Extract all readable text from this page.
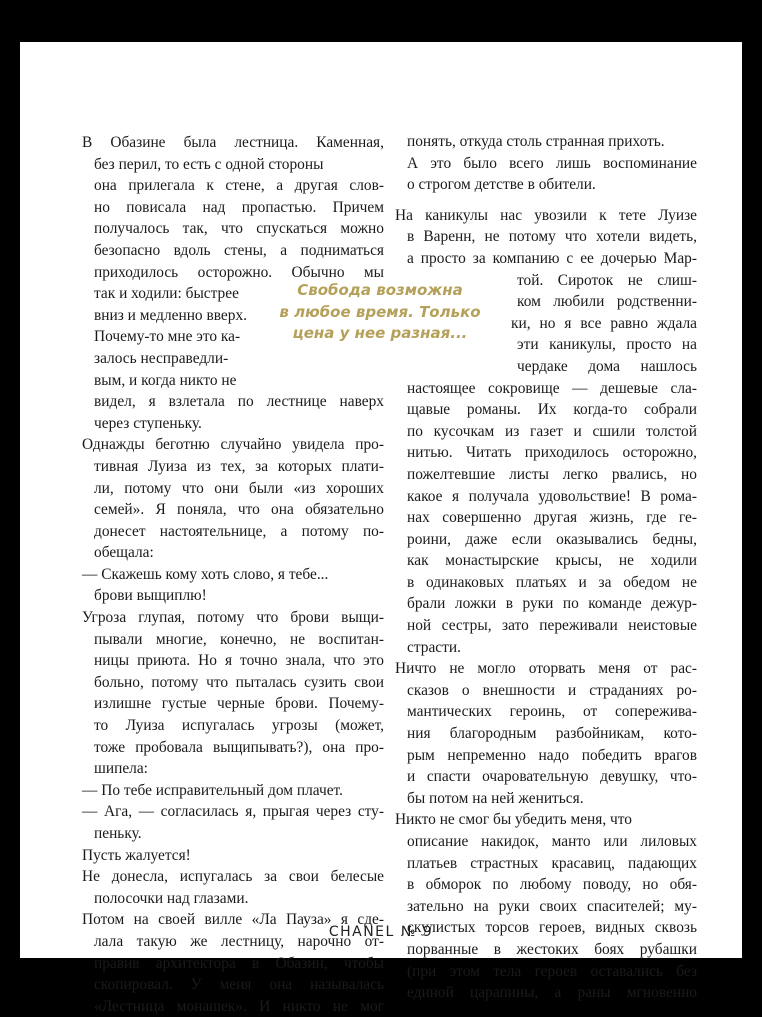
В Обазине была лестница. Каменная,

без перил, то есть с одной стороны

она прилегала к стене, а другая слов-

но повисала над пропастью. Причем

получалось так, что спускаться можно

безопасно вдоль стены, а подниматься

приходилось осторожно. Обычно мы

так и ходили: быстрее

вниз и медленно вверх.

Почему-то мне это ка-

залось несправедли-

вым, и когда никто не

видел, я взлетала по лестнице наверх

через ступеньку.

Однажды беготню случайно увидела про-

тивная Луиза из тех, за которых плати-

ли, потому что они были «из хороших

семей». Я поняла, что она обязательно

донесет настоятельнице, а потому по-

обещала:

— Скажешь кому хоть слово, я тебе...

брови выщиплю!

Угроза глупая, потому что брови выщи-

пывали многие, конечно, не воспитан-

ницы приюта. Но я точно знала, что это

больно, потому что пыталась сузить свои

излишне густые черные брови. Почему-

то Луиза испугалась угрозы (может,

тоже пробовала выщипывать?), она про-

шипела:

— По тебе исправительный дом плачет.

— Ага, — согласилась я, прыгая через сту-

пеньку.

Пусть жалуется!

Не донесла, испугалась за свои белесые

полосочки над глазами.

Потом на своей вилле «Ла Пауза» я сде-

лала такую же лестницу, нарочно от-

правив архитектора в Обазин, чтобы

скопировал. У меня она называлась

«Лестница монашек». И никто не мог

Свобода возможна
в любое время. Только
цена у нее разная...

понять, откуда столь странная прихоть.

А это было всего лишь воспоминание

о строгом детстве в обители.

На каникулы нас увозили к тете Луизе

в Варенн, не потому что хотели видеть,

а просто за компанию с ее дочерью Мар-

той. Сироток не слиш-

ком любили родственни-

ки, но я все равно ждала

эти каникулы, просто на

чердаке дома нашлось

настоящее сокровище — дешевые сла-

щавые романы. Их когда-то собрали

по кусочкам из газет и сшили толстой

нитью. Читать приходилось осторожно,

пожелтевшие листы легко рвались, но

какое я получала удовольствие! В рома-

нах совершенно другая жизнь, где ге-

роини, даже если оказывались бедны,

как монастырские крысы, не ходили

в одинаковых платьях и за обедом не

брали ложки в руки по команде дежур-

ной сестры, зато переживали неистовые

страсти.

Ничто не могло оторвать меня от рас-

сказов о внешности и страданиях ро-

мантических героинь, от сопережива-

ния благородным разбойникам, кото-

рым непременно надо победить врагов

и спасти очаровательную девушку, что-

бы потом на ней жениться.

Никто не смог бы убедить меня, что

описание накидок, манто или лиловых

платьев страстных красавиц, падающих

в обморок по любому поводу, но обя-

зательно на руки своих спасителей; му-

скулистых торсов героев, видных сквозь

порванные в жестоких боях рубашки

(при этом тела героев оставались без

единой царапины, а раны мгновенно

CHANEL № 9
